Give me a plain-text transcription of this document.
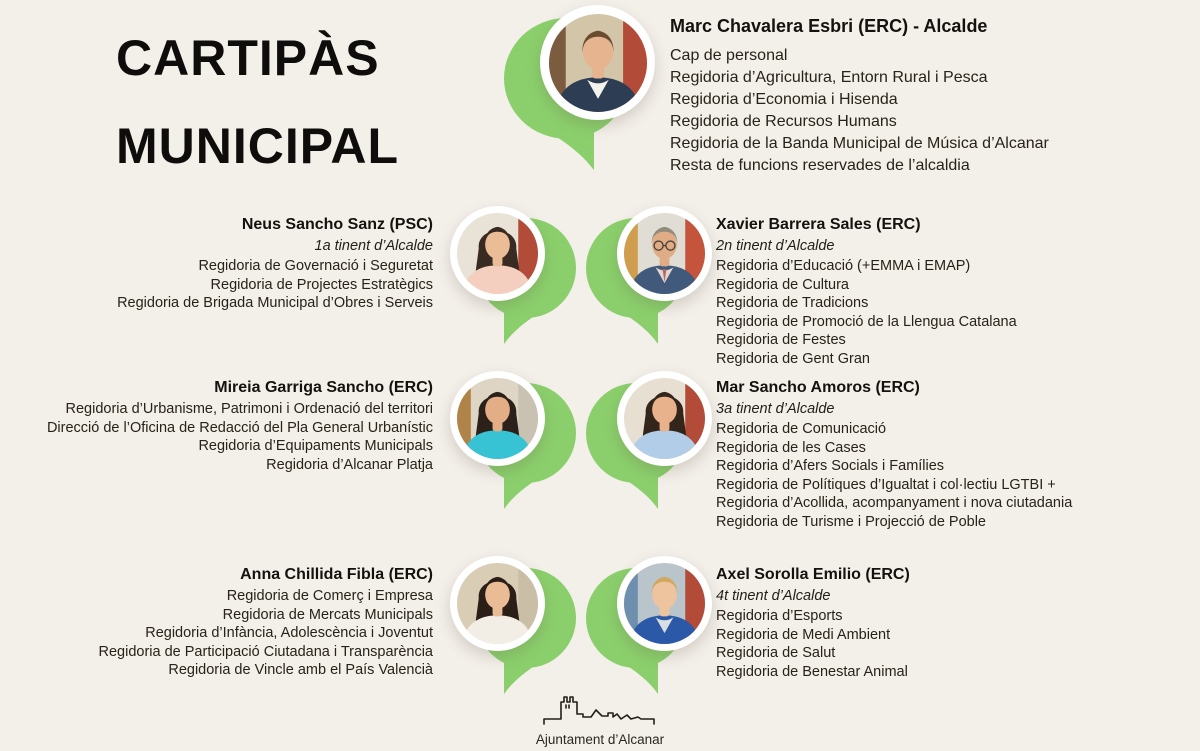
CARTIPÀS
MUNICIPAL
Marc Chavalera Esbri (ERC) - Alcalde
Cap de personal
Regidoria d’Agricultura, Entorn Rural i Pesca
Regidoria d’Economia i Hisenda
Regidoria de Recursos Humans
Regidoria de la Banda Municipal de Música d’Alcanar
Resta de funcions reservades de l’alcaldia
Neus Sancho Sanz (PSC)
1a tinent d’Alcalde
Regidoria de Governació i Seguretat
Regidoria de Projectes Estratègics
Regidoria de Brigada Municipal d’Obres i Serveis
Xavier Barrera Sales (ERC)
2n tinent d’Alcalde
Regidoria d’Educació (+EMMA i EMAP)
Regidoria de Cultura
Regidoria de Tradicions
Regidoria de Promoció de la Llengua Catalana
Regidoria de Festes
Regidoria de Gent Gran
Mireia Garriga Sancho (ERC)
Regidoria d’Urbanisme, Patrimoni i Ordenació del territori
Direcció de l’Oficina de Redacció del Pla General Urbanístic
Regidoria d’Equipaments Municipals
Regidoria d’Alcanar Platja
Mar Sancho Amoros (ERC)
3a tinent d’Alcalde
Regidoria de Comunicació
Regidoria de les Cases
Regidoria d’Afers Socials i Famílies
Regidoria de Polítiques d’Igualtat i col·lectiu LGTBI +
Regidoria d’Acollida, acompanyament i nova ciutadania
Regidoria de Turisme i Projecció de Poble
Anna Chillida Fibla (ERC)
Regidoria de Comerç i Empresa
Regidoria de Mercats Municipals
Regidoria d’Infància, Adolescència i Joventut
Regidoria de Participació Ciutadana i Transparència
Regidoria de Vincle amb el País Valencià
Axel Sorolla Emilio (ERC)
4t tinent d’Alcalde
Regidoria d’Esports
Regidoria de Medi Ambient
Regidoria de Salut
Regidoria de Benestar Animal
Ajuntament d’Alcanar
